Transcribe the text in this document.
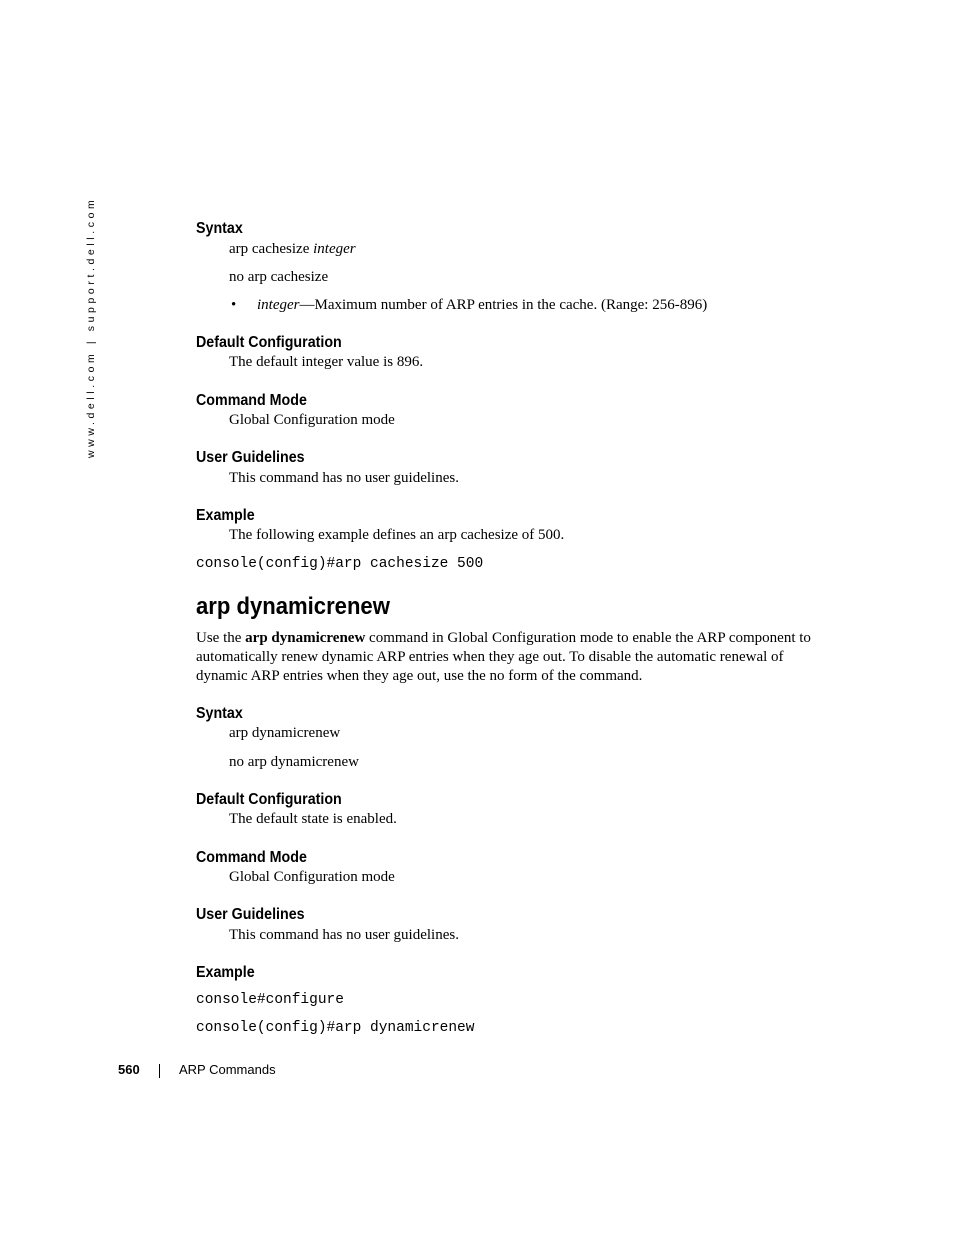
www.dell.com | support.dell.com	Syntax
arp cachesize integer
no arp cachesize
• integer—Maximum number of ARP entries in the cache. (Range: 256-896)
Default Configuration
The default integer value is 896.
Command Mode
Global Configuration mode
User Guidelines
This command has no user guidelines.
Example
The following example defines an arp cachesize of 500.
console(config)#arp cachesize 500
arp dynamicrenew
Use the arp dynamicrenew command in Global Configuration mode to enable the ARP component to automatically renew dynamic ARP entries when they age out. To disable the automatic renewal of dynamic ARP entries when they age out, use the no form of the command.
Syntax
arp dynamicrenew
no arp dynamicrenew
Default Configuration
The default state is enabled.
Command Mode
Global Configuration mode
User Guidelines
This command has no user guidelines.
Example
console#configure
console(config)#arp dynamicrenew
560	ARP Commands
